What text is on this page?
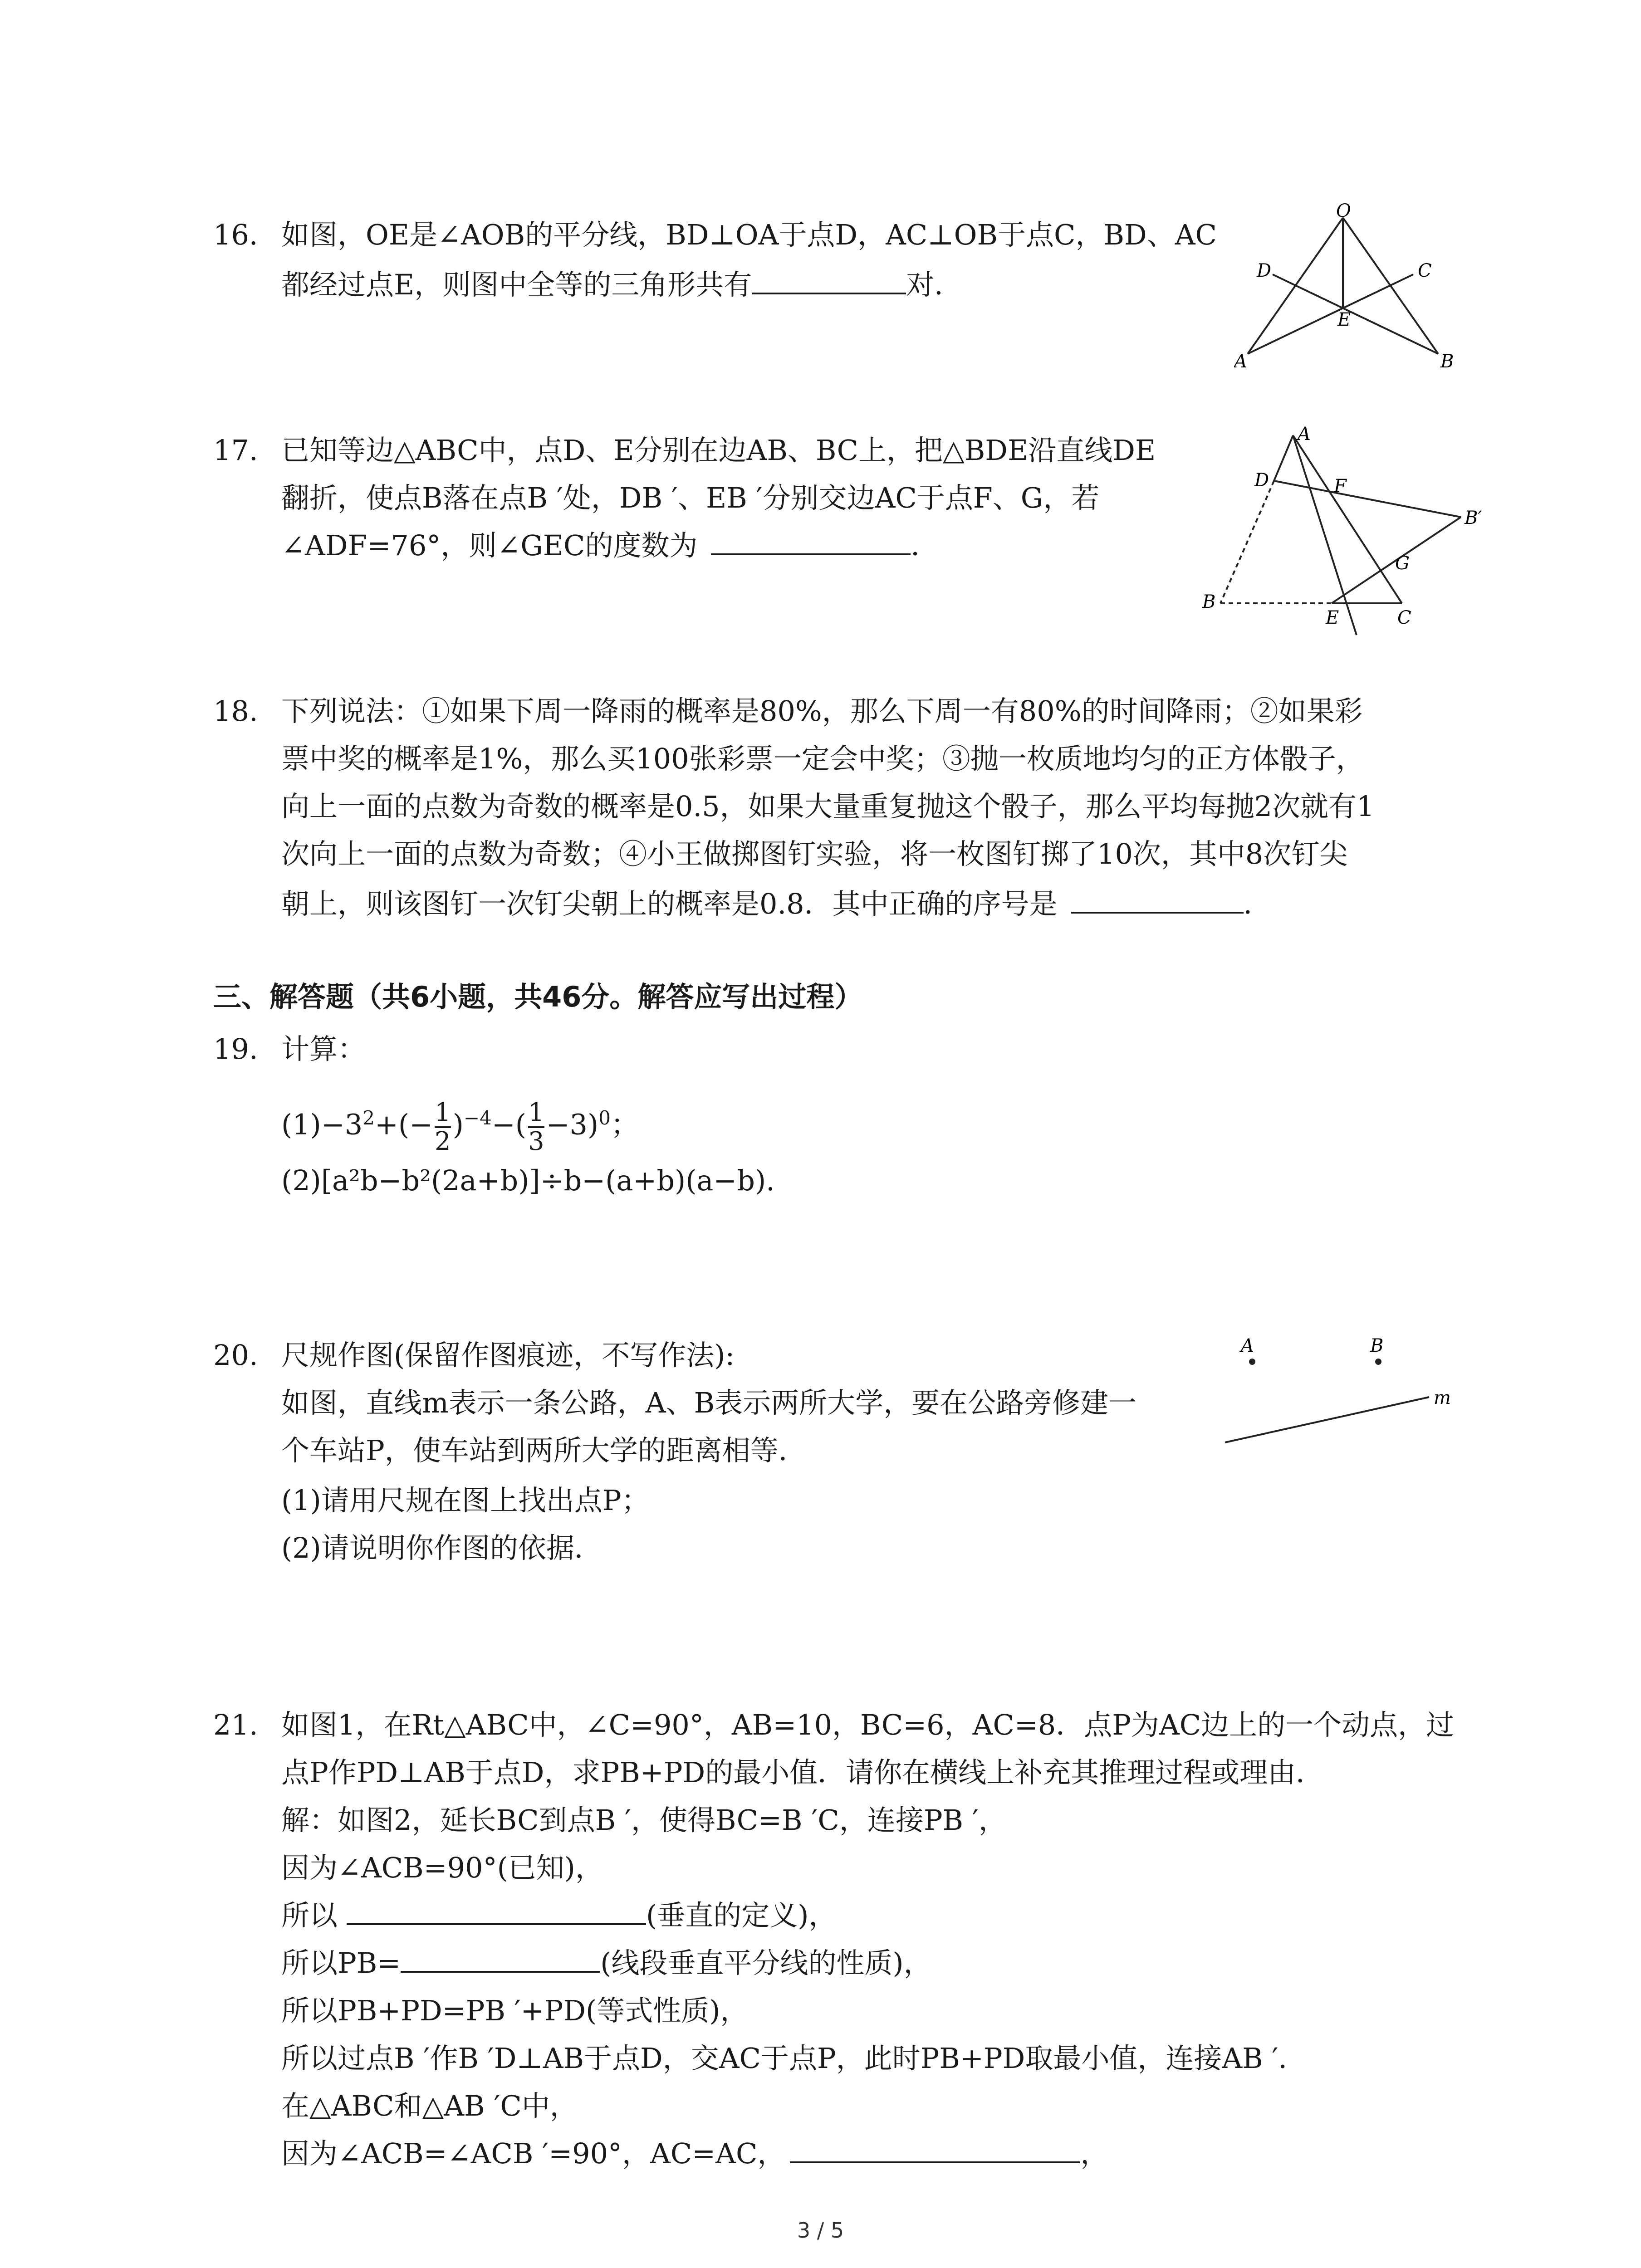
16. 如图，OE是∠AOB的平分线，BD⊥OA于点D，AC⊥OB于点C，BD、AC
都经过点E，则图中全等的三角形共有	对．
O
D	C
E
A	B
17. 已知等边△ABC中，点D、E分别在边AB、BC上，把△BDE沿直线DE
翻折，使点B落在点B ′处，DB ′、EB ′分别交边AC于点F、G，若
∠ADF=76°，则∠GEC的度数为	．
A
D	F
B′
G
B
E	C
18. 下列说法：①如果下周一降雨的概率是80%，那么下周一有80%的时间降雨；②如果彩
票中奖的概率是1%，那么买100张彩票一定会中奖；③抛一枚质地均匀的正方体骰子，
向上一面的点数为奇数的概率是0.5，如果大量重复抛这个骰子，那么平均每抛2次就有1
次向上一面的点数为奇数；④小王做掷图钉实验，将一枚图钉掷了10次，其中8次钉尖
朝上，则该图钉一次钉尖朝上的概率是0.8．其中正确的序号是	．
三、解答题（共6小题，共46分。解答应写出过程）
19. 计算：
$(1)-3^2+(- \frac{1}{2} )^{-4}-( \frac{1}{3} -3)^0$；
(2)[a²b−b²(2a+b)]÷b−(a+b)(a−b).
20. 尺规作图(保留作图痕迹，不写作法):
如图，直线m表示一条公路，A、B表示两所大学，要在公路旁修建一
个车站P，使车站到两所大学的距离相等．
(1)请用尺规在图上找出点P；
(2)请说明你作图的依据．
A	B
m
21. 如图1，在Rt△ABC中，∠C=90°，AB=10，BC=6，AC=8．点P为AC边上的一个动点，过
点P作PD⊥AB于点D，求PB+PD的最小值．请你在横线上补充其推理过程或理由．
解：如图2，延长BC到点B ′，使得BC=B ′C，连接PB ′，
因为∠ACB=90°(已知)，
所以	(垂直的定义)，
所以PB=	(线段垂直平分线的性质)，
所以PB+PD=PB ′+PD(等式性质)，
所以过点B ′作B ′D⊥AB于点D，交AC于点P，此时PB+PD取最小值，连接AB ′．
在△ABC和△AB ′C中，
因为∠ACB=∠ACB ′=90°，AC=AC，	，
3 / 5
